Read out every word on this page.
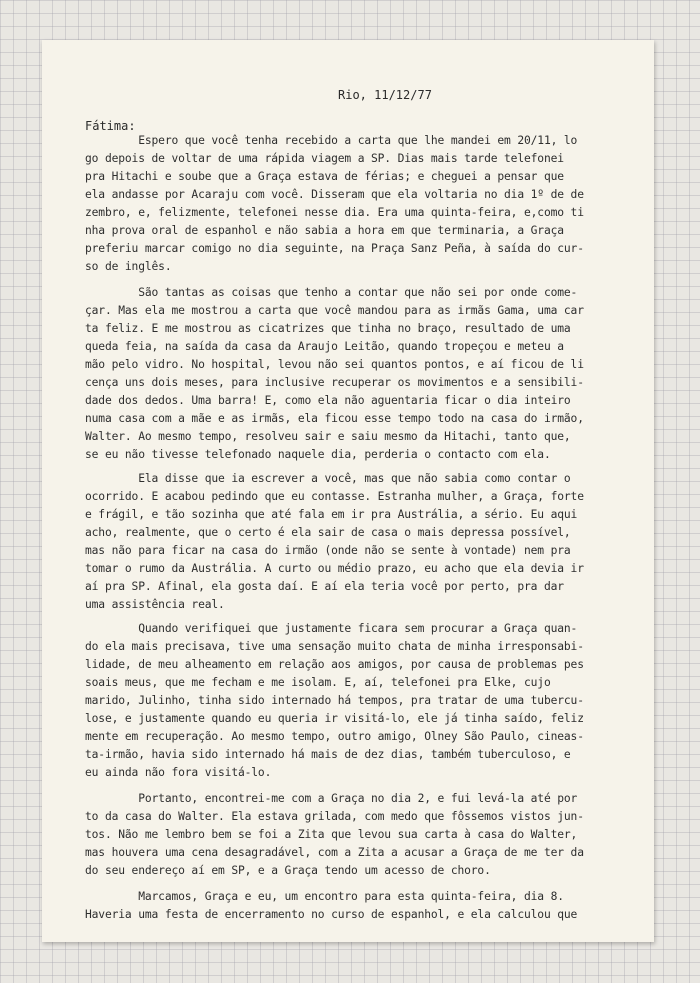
Rio, 11/12/77
Fátima:
Espero que você tenha recebido a carta que lhe mandei em 20/11, lo
go depois de voltar de uma rápida viagem a SP. Dias mais tarde telefonei
pra Hitachi e soube que a Graça estava de férias; e cheguei a pensar que
ela andasse por Acaraju com você. Disseram que ela voltaria no dia 1º de de
zembro, e, felizmente, telefonei nesse dia. Era uma quinta-feira, e,como ti
nha prova oral de espanhol e não sabia a hora em que terminaria, a Graça
preferiu marcar comigo no dia seguinte, na Praça Sanz Peña, à saída do cur-
so de inglês.
São tantas as coisas que tenho a contar que não sei por onde come-
çar. Mas ela me mostrou a carta que você mandou para as irmãs Gama, uma car
ta feliz. E me mostrou as cicatrizes que tinha no braço, resultado de uma
queda feia, na saída da casa da Araujo Leitão, quando tropeçou e meteu a
mão pelo vidro. No hospital, levou não sei quantos pontos, e aí ficou de li
cença uns dois meses, para inclusive recuperar os movimentos e a sensibili-
dade dos dedos. Uma barra! E, como ela não aguentaria ficar o dia inteiro
numa casa com a mãe e as irmãs, ela ficou esse tempo todo na casa do irmão,
Walter. Ao mesmo tempo, resolveu sair e saiu mesmo da Hitachi, tanto que,
se eu não tivesse telefonado naquele dia, perderia o contacto com ela.
Ela disse que ia escrever a você, mas que não sabia como contar o
ocorrido. E acabou pedindo que eu contasse. Estranha mulher, a Graça, forte
e frágil, e tão sozinha que até fala em ir pra Austrália, a sério. Eu aqui
acho, realmente, que o certo é ela sair de casa o mais depressa possível,
mas não para ficar na casa do irmão (onde não se sente à vontade) nem pra
tomar o rumo da Austrália. A curto ou médio prazo, eu acho que ela devia ir
aí pra SP. Afinal, ela gosta daí. E aí ela teria você por perto, pra dar
uma assistência real.
Quando verifiquei que justamente ficara sem procurar a Graça quan-
do ela mais precisava, tive uma sensação muito chata de minha irresponsabi-
lidade, de meu alheamento em relação aos amigos, por causa de problemas pes
soais meus, que me fecham e me isolam. E, aí, telefonei pra Elke, cujo
marido, Julinho, tinha sido internado há tempos, pra tratar de uma tubercu-
lose, e justamente quando eu queria ir visitá-lo, ele já tinha saído, feliz
mente em recuperação. Ao mesmo tempo, outro amigo, Olney São Paulo, cineas-
ta-irmão, havia sido internado há mais de dez dias, também tuberculoso, e
eu ainda não fora visitá-lo.
Portanto, encontrei-me com a Graça no dia 2, e fui levá-la até por
to da casa do Walter. Ela estava grilada, com medo que fôssemos vistos jun-
tos. Não me lembro bem se foi a Zita que levou sua carta à casa do Walter,
mas houvera uma cena desagradável, com a Zita a acusar a Graça de me ter da
do seu endereço aí em SP, e a Graça tendo um acesso de choro.
Marcamos, Graça e eu, um encontro para esta quinta-feira, dia 8.
Haveria uma festa de encerramento no curso de espanhol, e ela calculou que
